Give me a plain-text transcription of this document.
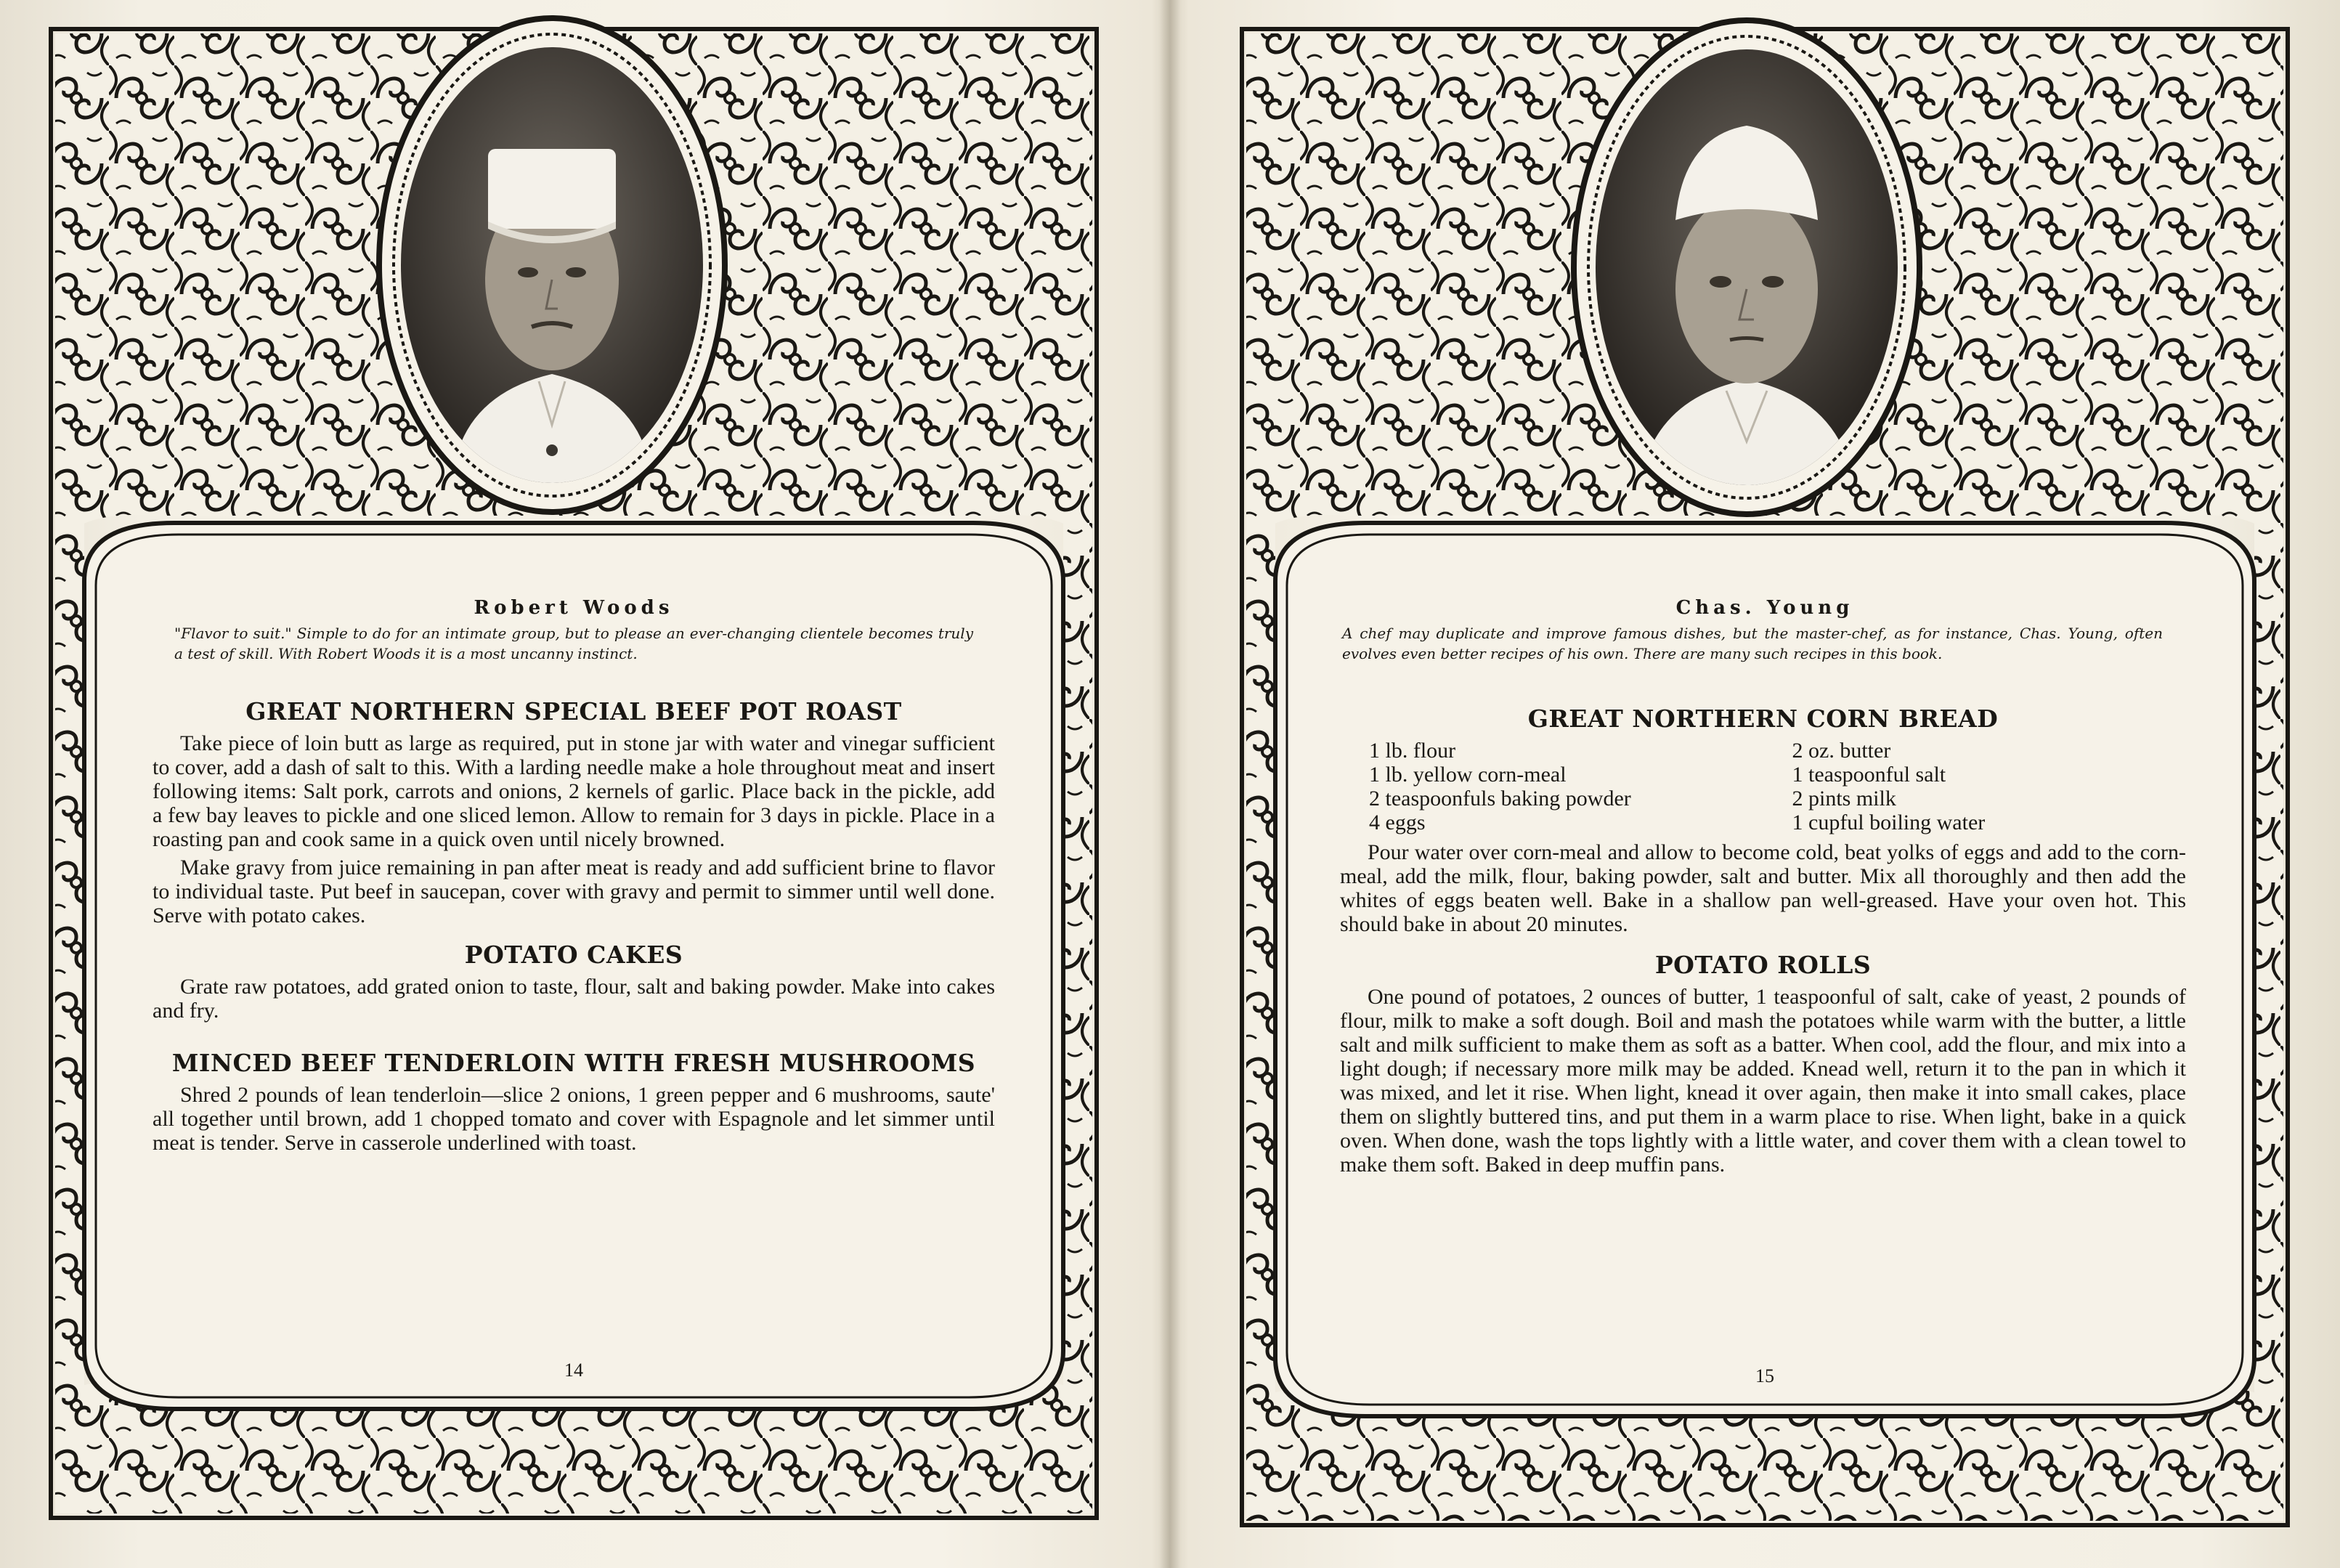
Robert Woods
"Flavor to suit." Simple to do for an intimate group, but to please an ever-changing clientele becomes truly a test of skill. With Robert Woods it is a most uncanny instinct.
GREAT NORTHERN SPECIAL BEEF POT ROAST

Take piece of loin butt as large as required, put in stone jar with water and vinegar sufficient to cover, add a dash of salt to this. With a larding needle make a hole throughout meat and insert following items: Salt pork, carrots and onions, 2 kernels of garlic. Place back in the pickle, add a few bay leaves to pickle and one sliced lemon. Allow to remain for 3 days in pickle. Place in a roasting pan and cook same in a quick oven until nicely browned.

Make gravy from juice remaining in pan after meat is ready and add sufficient brine to flavor to individual taste. Put beef in saucepan, cover with gravy and permit to simmer until well done. Serve with potato cakes.

POTATO CAKES

Grate raw potatoes, add grated onion to taste, flour, salt and baking powder. Make into cakes and fry.

MINCED BEEF TENDERLOIN WITH FRESH MUSHROOMS

Shred 2 pounds of lean tenderloin—slice 2 onions, 1 green pepper and 6 mushrooms, saute' all together until brown, add 1 chopped tomato and cover with Espagnole and let simmer until meat is tender. Serve in casserole underlined with toast.

14
Chas. Young
A chef may duplicate and improve famous dishes, but the master-chef, as for instance, Chas. Young, often evolves even better recipes of his own. There are many such recipes in this book.
GREAT NORTHERN CORN BREAD
1 lb. flour
1 lb. yellow corn-meal
2 teaspoonfuls baking powder
4 eggs
2 oz. butter
1 teaspoonful salt
2 pints milk
1 cupful boiling water

Pour water over corn-meal and allow to become cold, beat yolks of eggs and add to the corn-meal, add the milk, flour, baking powder, salt and butter. Mix all thoroughly and then add the whites of eggs beaten well. Bake in a shallow pan well-greased. Have your oven hot. This should bake in about 20 minutes.

POTATO ROLLS

One pound of potatoes, 2 ounces of butter, 1 teaspoonful of salt, cake of yeast, 2 pounds of flour, milk to make a soft dough. Boil and mash the potatoes while warm with the butter, a little salt and milk sufficient to make them as soft as a batter. When cool, add the flour, and mix into a light dough; if necessary more milk may be added. Knead well, return it to the pan in which it was mixed, and let it rise. When light, knead it over again, then make it into small cakes, place them on slightly buttered tins, and put them in a warm place to rise. When light, bake in a quick oven. When done, wash the tops lightly with a little water, and cover them with a clean towel to make them soft. Baked in deep muffin pans.

15
